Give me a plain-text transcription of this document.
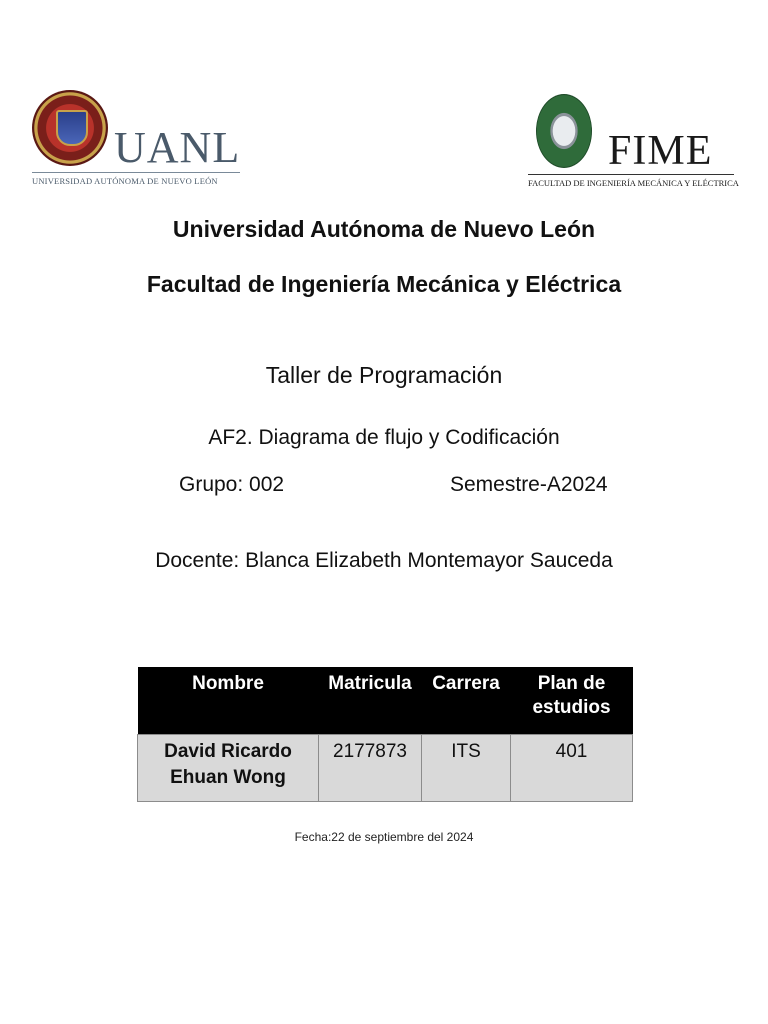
UANL
UNIVERSIDAD AUTÓNOMA DE NUEVO LEÓN
FIME
FACULTAD DE INGENIERÍA MECÁNICA Y ELÉCTRICA
Universidad Autónoma de Nuevo León
Facultad de Ingeniería Mecánica y Eléctrica
Taller de Programación
AF2. Diagrama de flujo y Codificación
Grupo: 002	Semestre-A2024
Docente: Blanca Elizabeth Montemayor Sauceda
Nombre	Matricula	Carrera	Plan de estudios
David Ricardo Ehuan Wong	2177873	ITS	401
Fecha:22 de septiembre del 2024
